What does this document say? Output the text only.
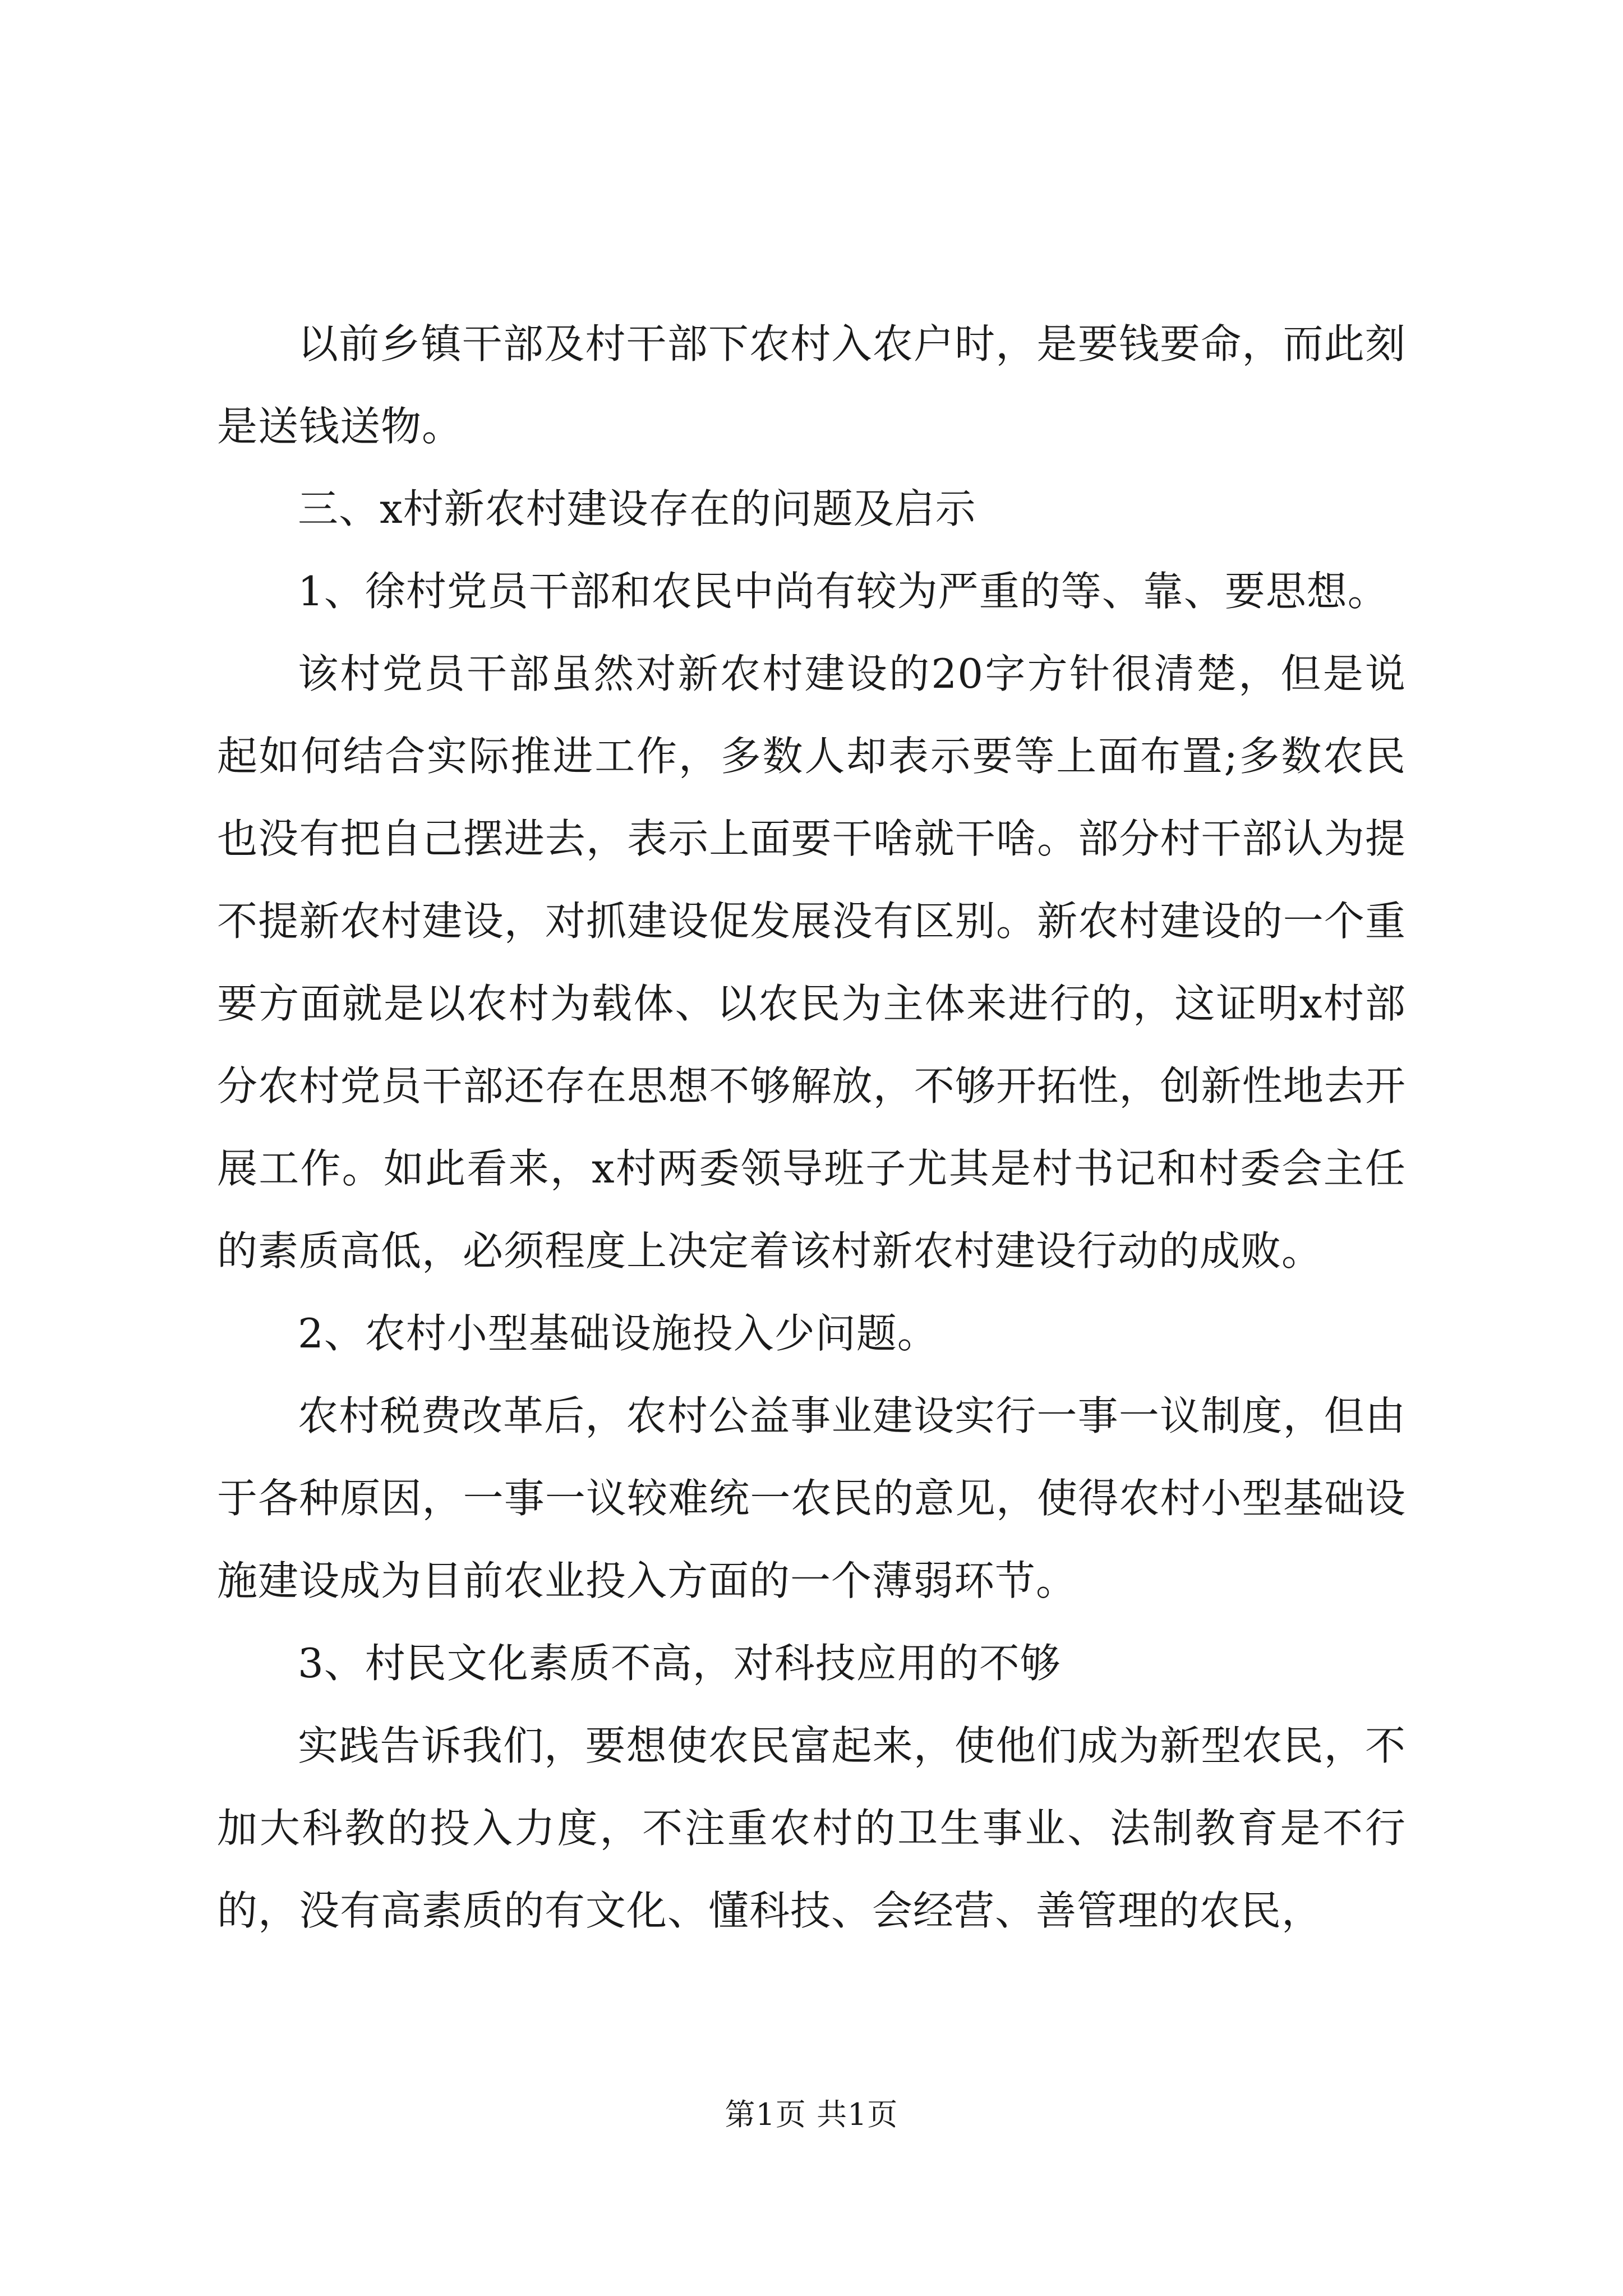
以前乡镇干部及村干部下农村入农户时，是要钱要命，而此刻是送钱送物。

三、x村新农村建设存在的问题及启示

1、徐村党员干部和农民中尚有较为严重的等、靠、要思想。

该村党员干部虽然对新农村建设的20字方针很清楚，但是说起如何结合实际推进工作，多数人却表示要等上面布置;多数农民也没有把自己摆进去，表示上面要干啥就干啥。部分村干部认为提不提新农村建设，对抓建设促发展没有区别。新农村建设的一个重要方面就是以农村为载体、以农民为主体来进行的，这证明x村部分农村党员干部还存在思想不够解放，不够开拓性，创新性地去开展工作。如此看来，x村两委领导班子尤其是村书记和村委会主任的素质高低，必须程度上决定着该村新农村建设行动的成败。

2、农村小型基础设施投入少问题。

农村税费改革后，农村公益事业建设实行一事一议制度，但由于各种原因，一事一议较难统一农民的意见，使得农村小型基础设施建设成为目前农业投入方面的一个薄弱环节。

3、村民文化素质不高，对科技应用的不够

实践告诉我们，要想使农民富起来，使他们成为新型农民，不加大科教的投入力度，不注重农村的卫生事业、法制教育是不行的，没有高素质的有文化、懂科技、会经营、善管理的农民，

第1页 共1页
